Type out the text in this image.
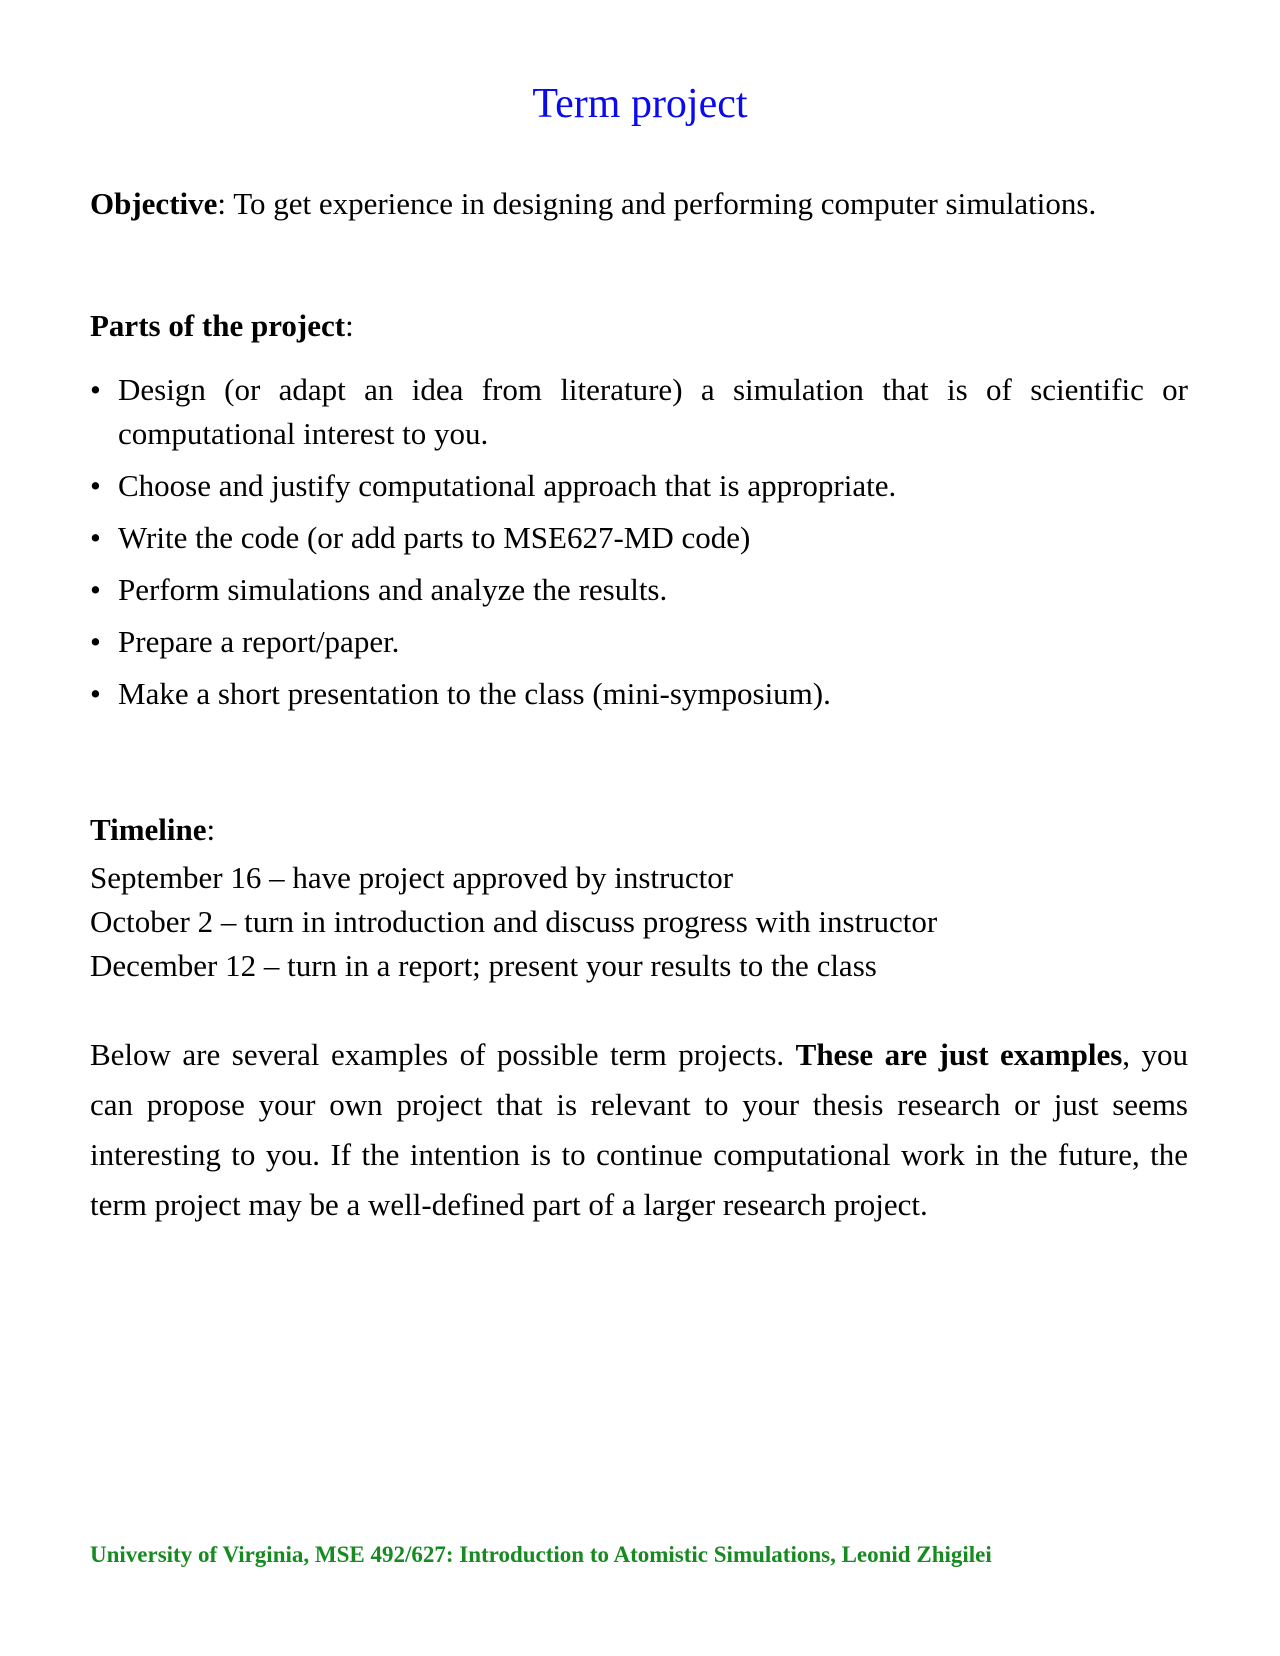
Term project
Objective: To get experience in designing and performing computer simulations.
Parts of the project:
• Design (or adapt an idea from literature) a simulation that is of scientific or computational interest to you.
• Choose and justify computational approach that is appropriate.
• Write the code (or add parts to MSE627-MD code)
• Perform simulations and analyze the results.
• Prepare a report/paper.
• Make a short presentation to the class (mini-symposium).
Timeline:
September 16 – have project approved by instructor
October 2 – turn in introduction and discuss progress with instructor
December 12 – turn in a report; present your results to the class
Below are several examples of possible term projects. These are just examples, you can propose your own project that is relevant to your thesis research or just seems interesting to you. If the intention is to continue computational work in the future, the term project may be a well-defined part of a larger research project.
University of Virginia, MSE 492/627: Introduction to Atomistic Simulations, Leonid Zhigilei
